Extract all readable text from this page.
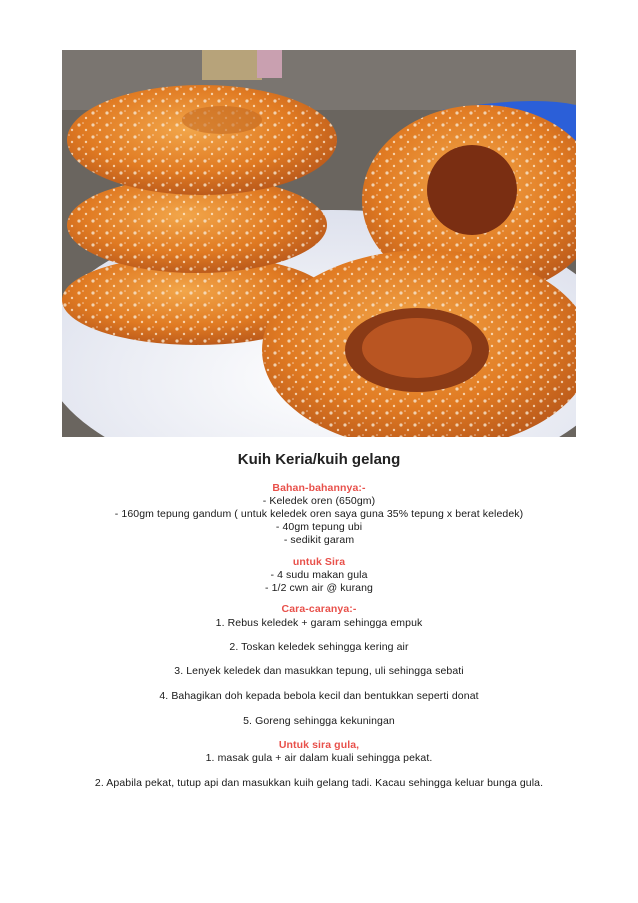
Kuih Keria/kuih gelang
Bahan-bahannya:-
- Keledek oren (650gm)
- 160gm tepung gandum ( untuk keledek oren saya guna 35% tepung x berat keledek)
- 40gm tepung ubi
- sedikit garam
untuk Sira
- 4 sudu makan gula
- 1/2 cwn air @ kurang
Cara-caranya:-
1. Rebus keledek + garam sehingga empuk
2. Toskan keledek sehingga kering air
3. Lenyek keledek dan masukkan tepung, uli sehingga sebati
4. Bahagikan doh kepada bebola kecil dan bentukkan seperti donat
5. Goreng sehingga kekuningan
Untuk sira gula,
1. masak gula + air dalam kuali sehingga pekat.
2. Apabila pekat, tutup api dan masukkan kuih gelang tadi. Kacau sehingga keluar bunga gula.
